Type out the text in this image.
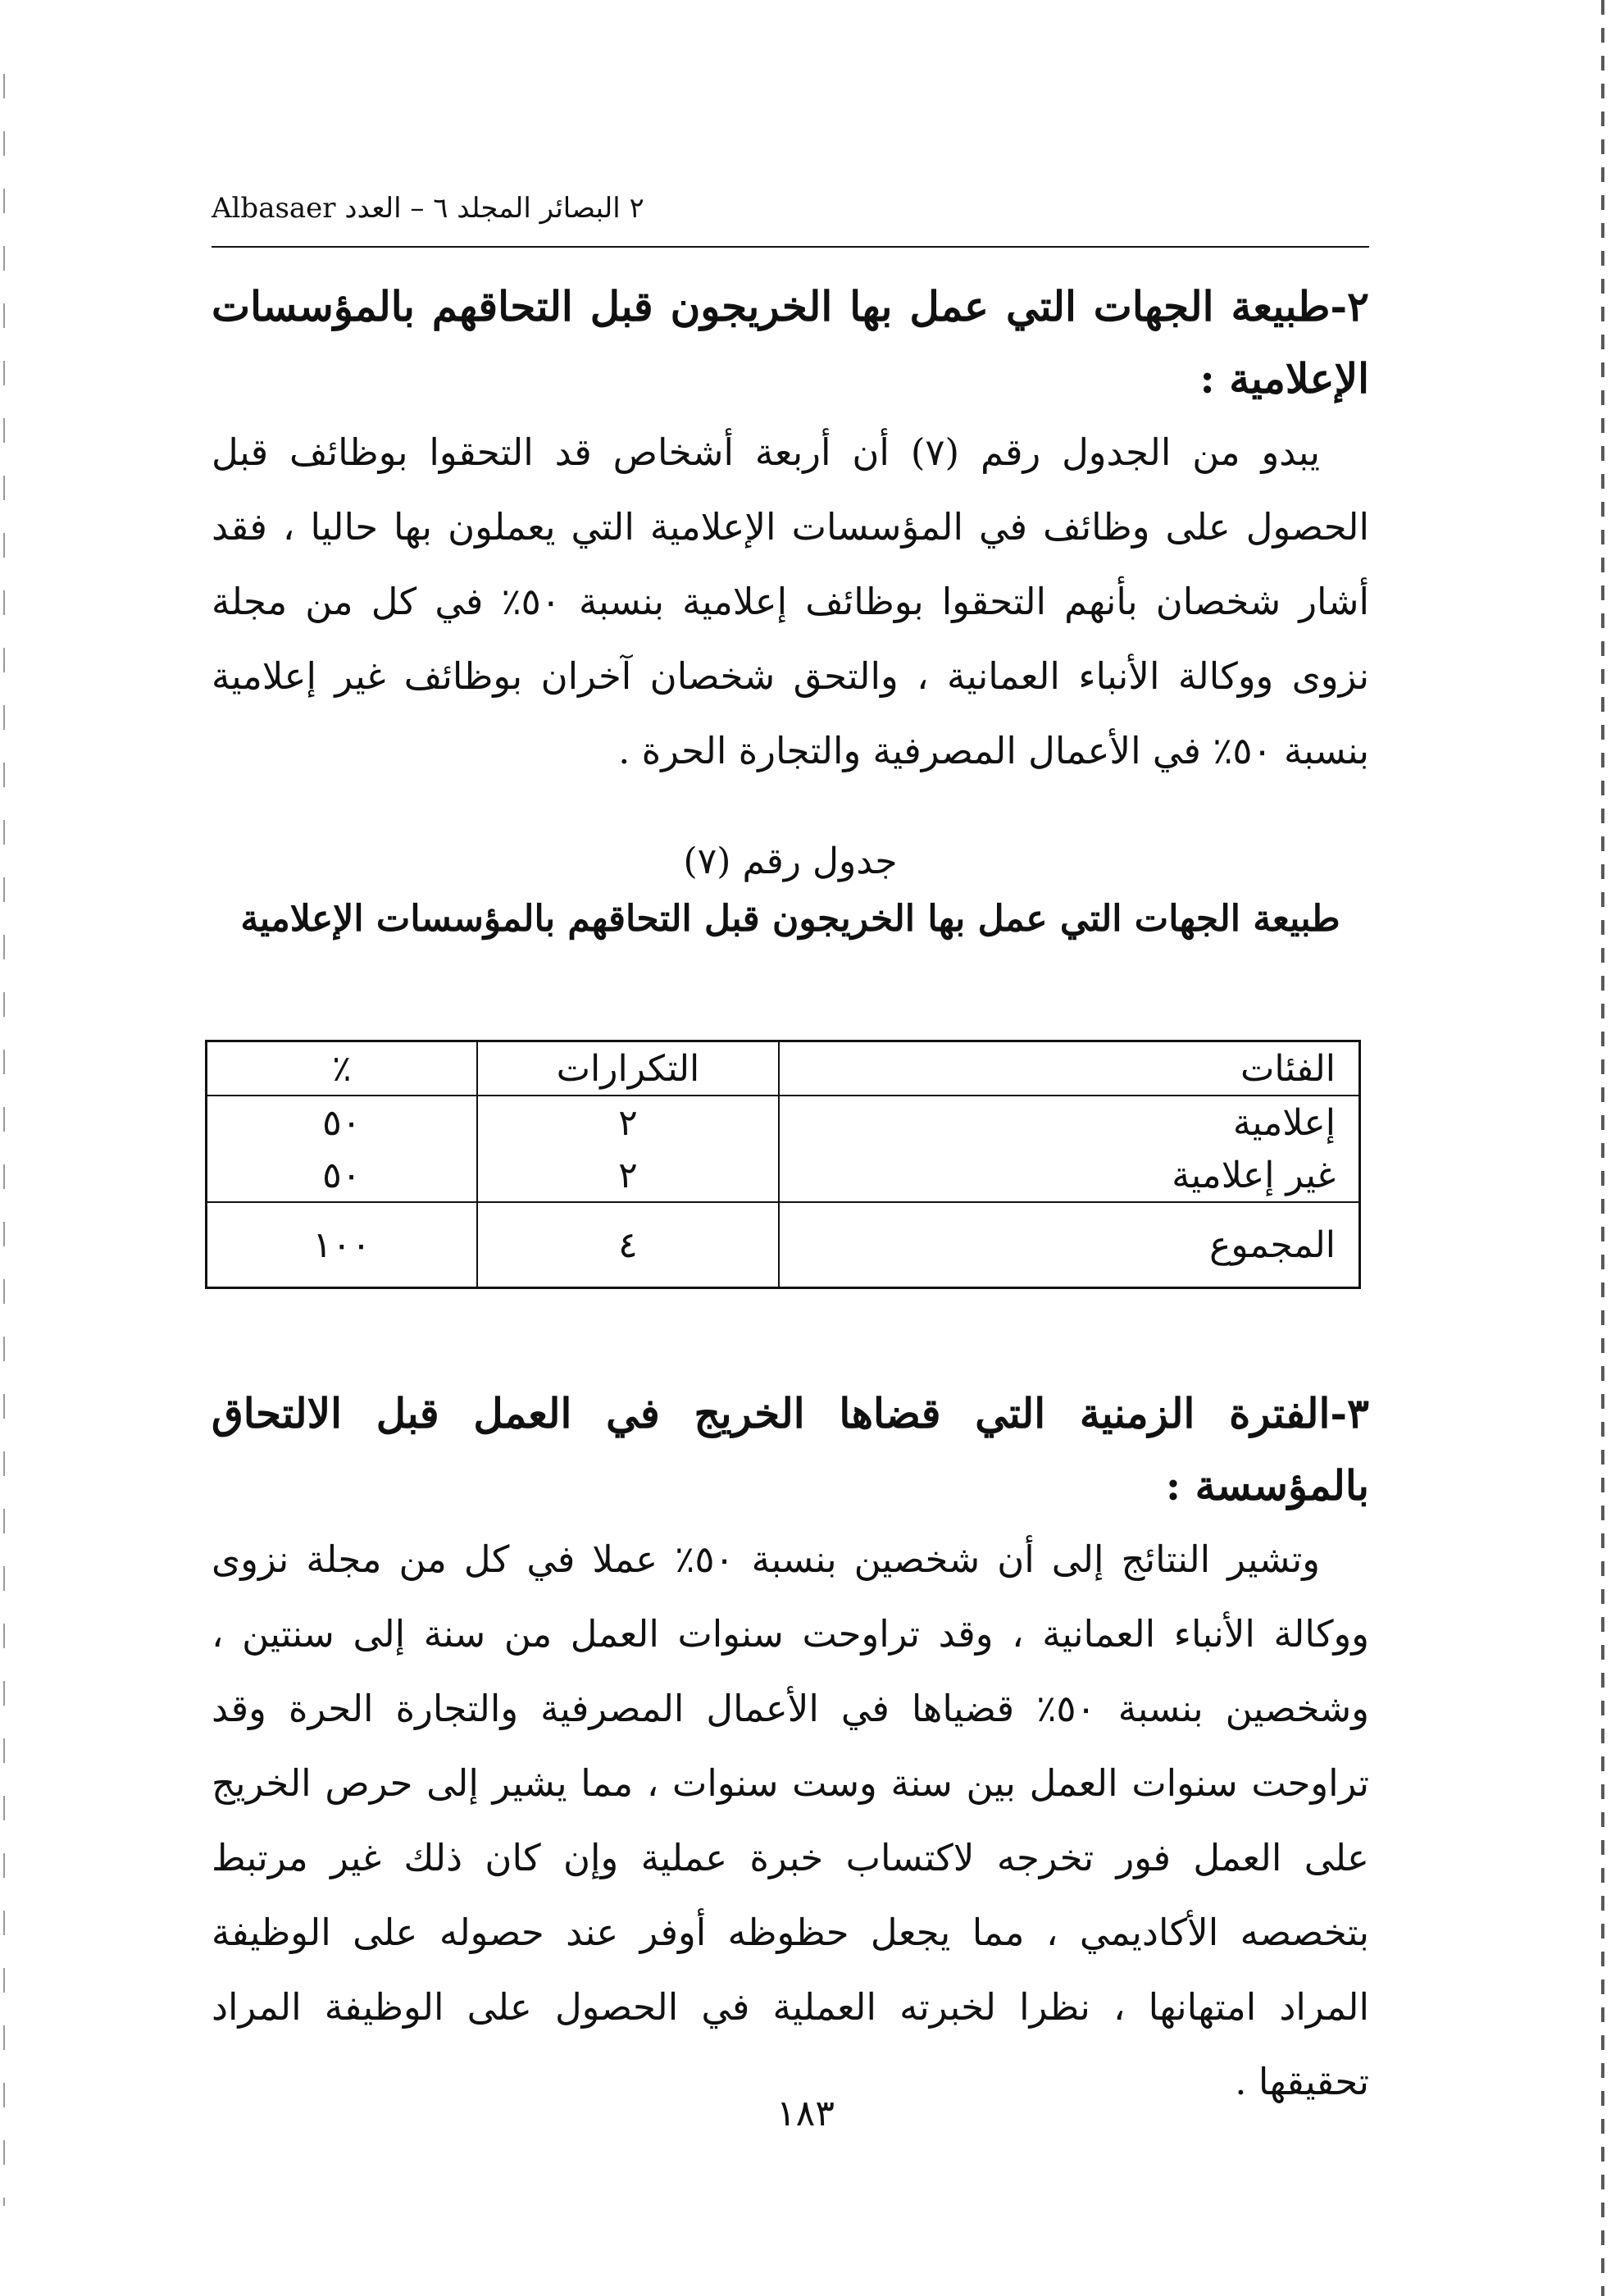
Albasaer ٢ البصائر المجلد ٦ – العدد
٢-طبيعة الجهات التي عمل بها الخريجون قبل التحاقهم بالمؤسسات الإعلامية :
يبدو من الجدول رقم (٧) أن أربعة أشخاص قد التحقوا بوظائف قبل الحصول على وظائف في المؤسسات الإعلامية التي يعملون بها حاليا ، فقد أشار شخصان بأنهم التحقوا بوظائف إعلامية بنسبة ٥٠٪ في كل من مجلة نزوى ووكالة الأنباء العمانية ، والتحق شخصان آخران بوظائف غير إعلامية بنسبة ٥٠٪ في الأعمال المصرفية والتجارة الحرة .
جدول رقم (٧)
طبيعة الجهات التي عمل بها الخريجون قبل التحاقهم بالمؤسسات الإعلامية
الفئات	التكرارات	٪
إعلامية	٢	٥٠
غير إعلامية	٢	٥٠
المجموع	٤	١٠٠
٣-الفترة الزمنية التي قضاها الخريج في العمل قبل الالتحاق بالمؤسسة :
وتشير النتائج إلى أن شخصين بنسبة ٥٠٪ عملا في كل من مجلة نزوى ووكالة الأنباء العمانية ، وقد تراوحت سنوات العمل من سنة إلى سنتين ، وشخصين بنسبة ٥٠٪ قضياها في الأعمال المصرفية والتجارة الحرة وقد تراوحت سنوات العمل بين سنة وست سنوات ، مما يشير إلى حرص الخريج على العمل فور تخرجه لاكتساب خبرة عملية وإن كان ذلك غير مرتبط بتخصصه الأكاديمي ، مما يجعل حظوظه أوفر عند حصوله على الوظيفة المراد امتهانها ، نظرا لخبرته العملية في الحصول على الوظيفة المراد تحقيقها .
١٨٣
